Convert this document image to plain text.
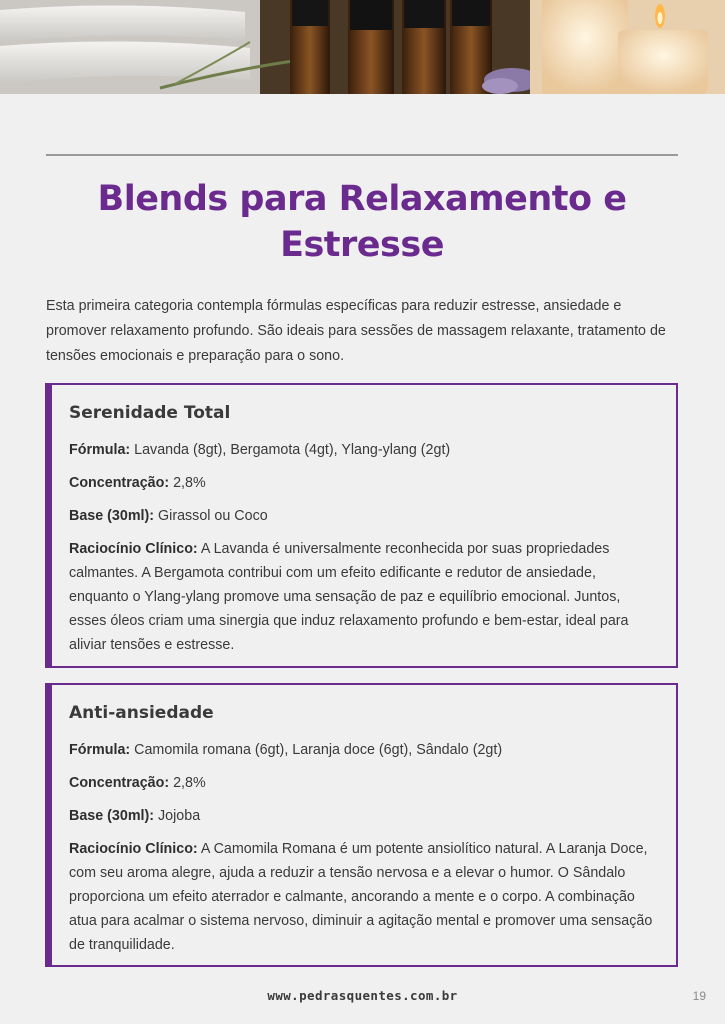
Blends para Relaxamento e Estresse

Esta primeira categoria contempla fórmulas específicas para reduzir estresse, ansiedade e promover relaxamento profundo. São ideais para sessões de massagem relaxante, tratamento de tensões emocionais e preparação para o sono.

Serenidade Total

Fórmula: Lavanda (8gt), Bergamota (4gt), Ylang-ylang (2gt)

Concentração: 2,8%

Base (30ml): Girassol ou Coco

Raciocínio Clínico: A Lavanda é universalmente reconhecida por suas propriedades calmantes. A Bergamota contribui com um efeito edificante e redutor de ansiedade, enquanto o Ylang-ylang promove uma sensação de paz e equilíbrio emocional. Juntos, esses óleos criam uma sinergia que induz relaxamento profundo e bem-estar, ideal para aliviar tensões e estresse.

Anti-ansiedade

Fórmula: Camomila romana (6gt), Laranja doce (6gt), Sândalo (2gt)

Concentração: 2,8%

Base (30ml): Jojoba

Raciocínio Clínico: A Camomila Romana é um potente ansiolítico natural. A Laranja Doce, com seu aroma alegre, ajuda a reduzir a tensão nervosa e a elevar o humor. O Sândalo proporciona um efeito aterrador e calmante, ancorando a mente e o corpo. A combinação atua para acalmar o sistema nervoso, diminuir a agitação mental e promover uma sensação de tranquilidade.

www.pedrasquentes.com.br	19
